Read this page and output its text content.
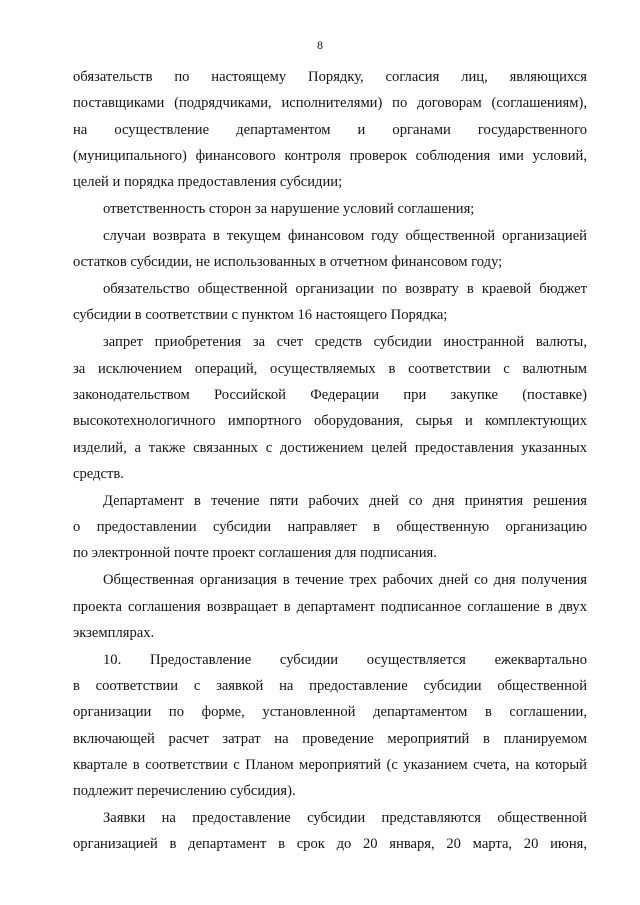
8
обязательств по настоящему Порядку, согласия лиц, являющихся
поставщиками (подрядчиками, исполнителями) по договорам (соглашениям),
на осуществление департаментом и органами государственного
(муниципального) финансового контроля проверок соблюдения ими условий,
целей и порядка предоставления субсидии;
ответственность сторон за нарушение условий соглашения;
случаи возврата в текущем финансовом году общественной организацией
остатков субсидии, не использованных в отчетном финансовом году;
обязательство общественной организации по возврату в краевой бюджет
субсидии в соответствии с пунктом 16 настоящего Порядка;
запрет приобретения за счет средств субсидии иностранной валюты,
за исключением операций, осуществляемых в соответствии с валютным
законодательством Российской Федерации при закупке (поставке)
высокотехнологичного импортного оборудования, сырья и комплектующих
изделий, а также связанных с достижением целей предоставления указанных
средств.
Департамент в течение пяти рабочих дней со дня принятия решения
о предоставлении субсидии направляет в общественную организацию
по электронной почте проект соглашения для подписания.
Общественная организация в течение трех рабочих дней со дня получения
проекта соглашения возвращает в департамент подписанное соглашение в двух
экземплярах.
10. Предоставление субсидии осуществляется ежеквартально
в соответствии с заявкой на предоставление субсидии общественной
организации по форме, установленной департаментом в соглашении,
включающей расчет затрат на проведение мероприятий в планируемом
квартале в соответствии с Планом мероприятий (с указанием счета, на который
подлежит перечислению субсидия).
Заявки на предоставление субсидии представляются общественной
организацией в департамент в срок до 20 января, 20 марта, 20 июня,
